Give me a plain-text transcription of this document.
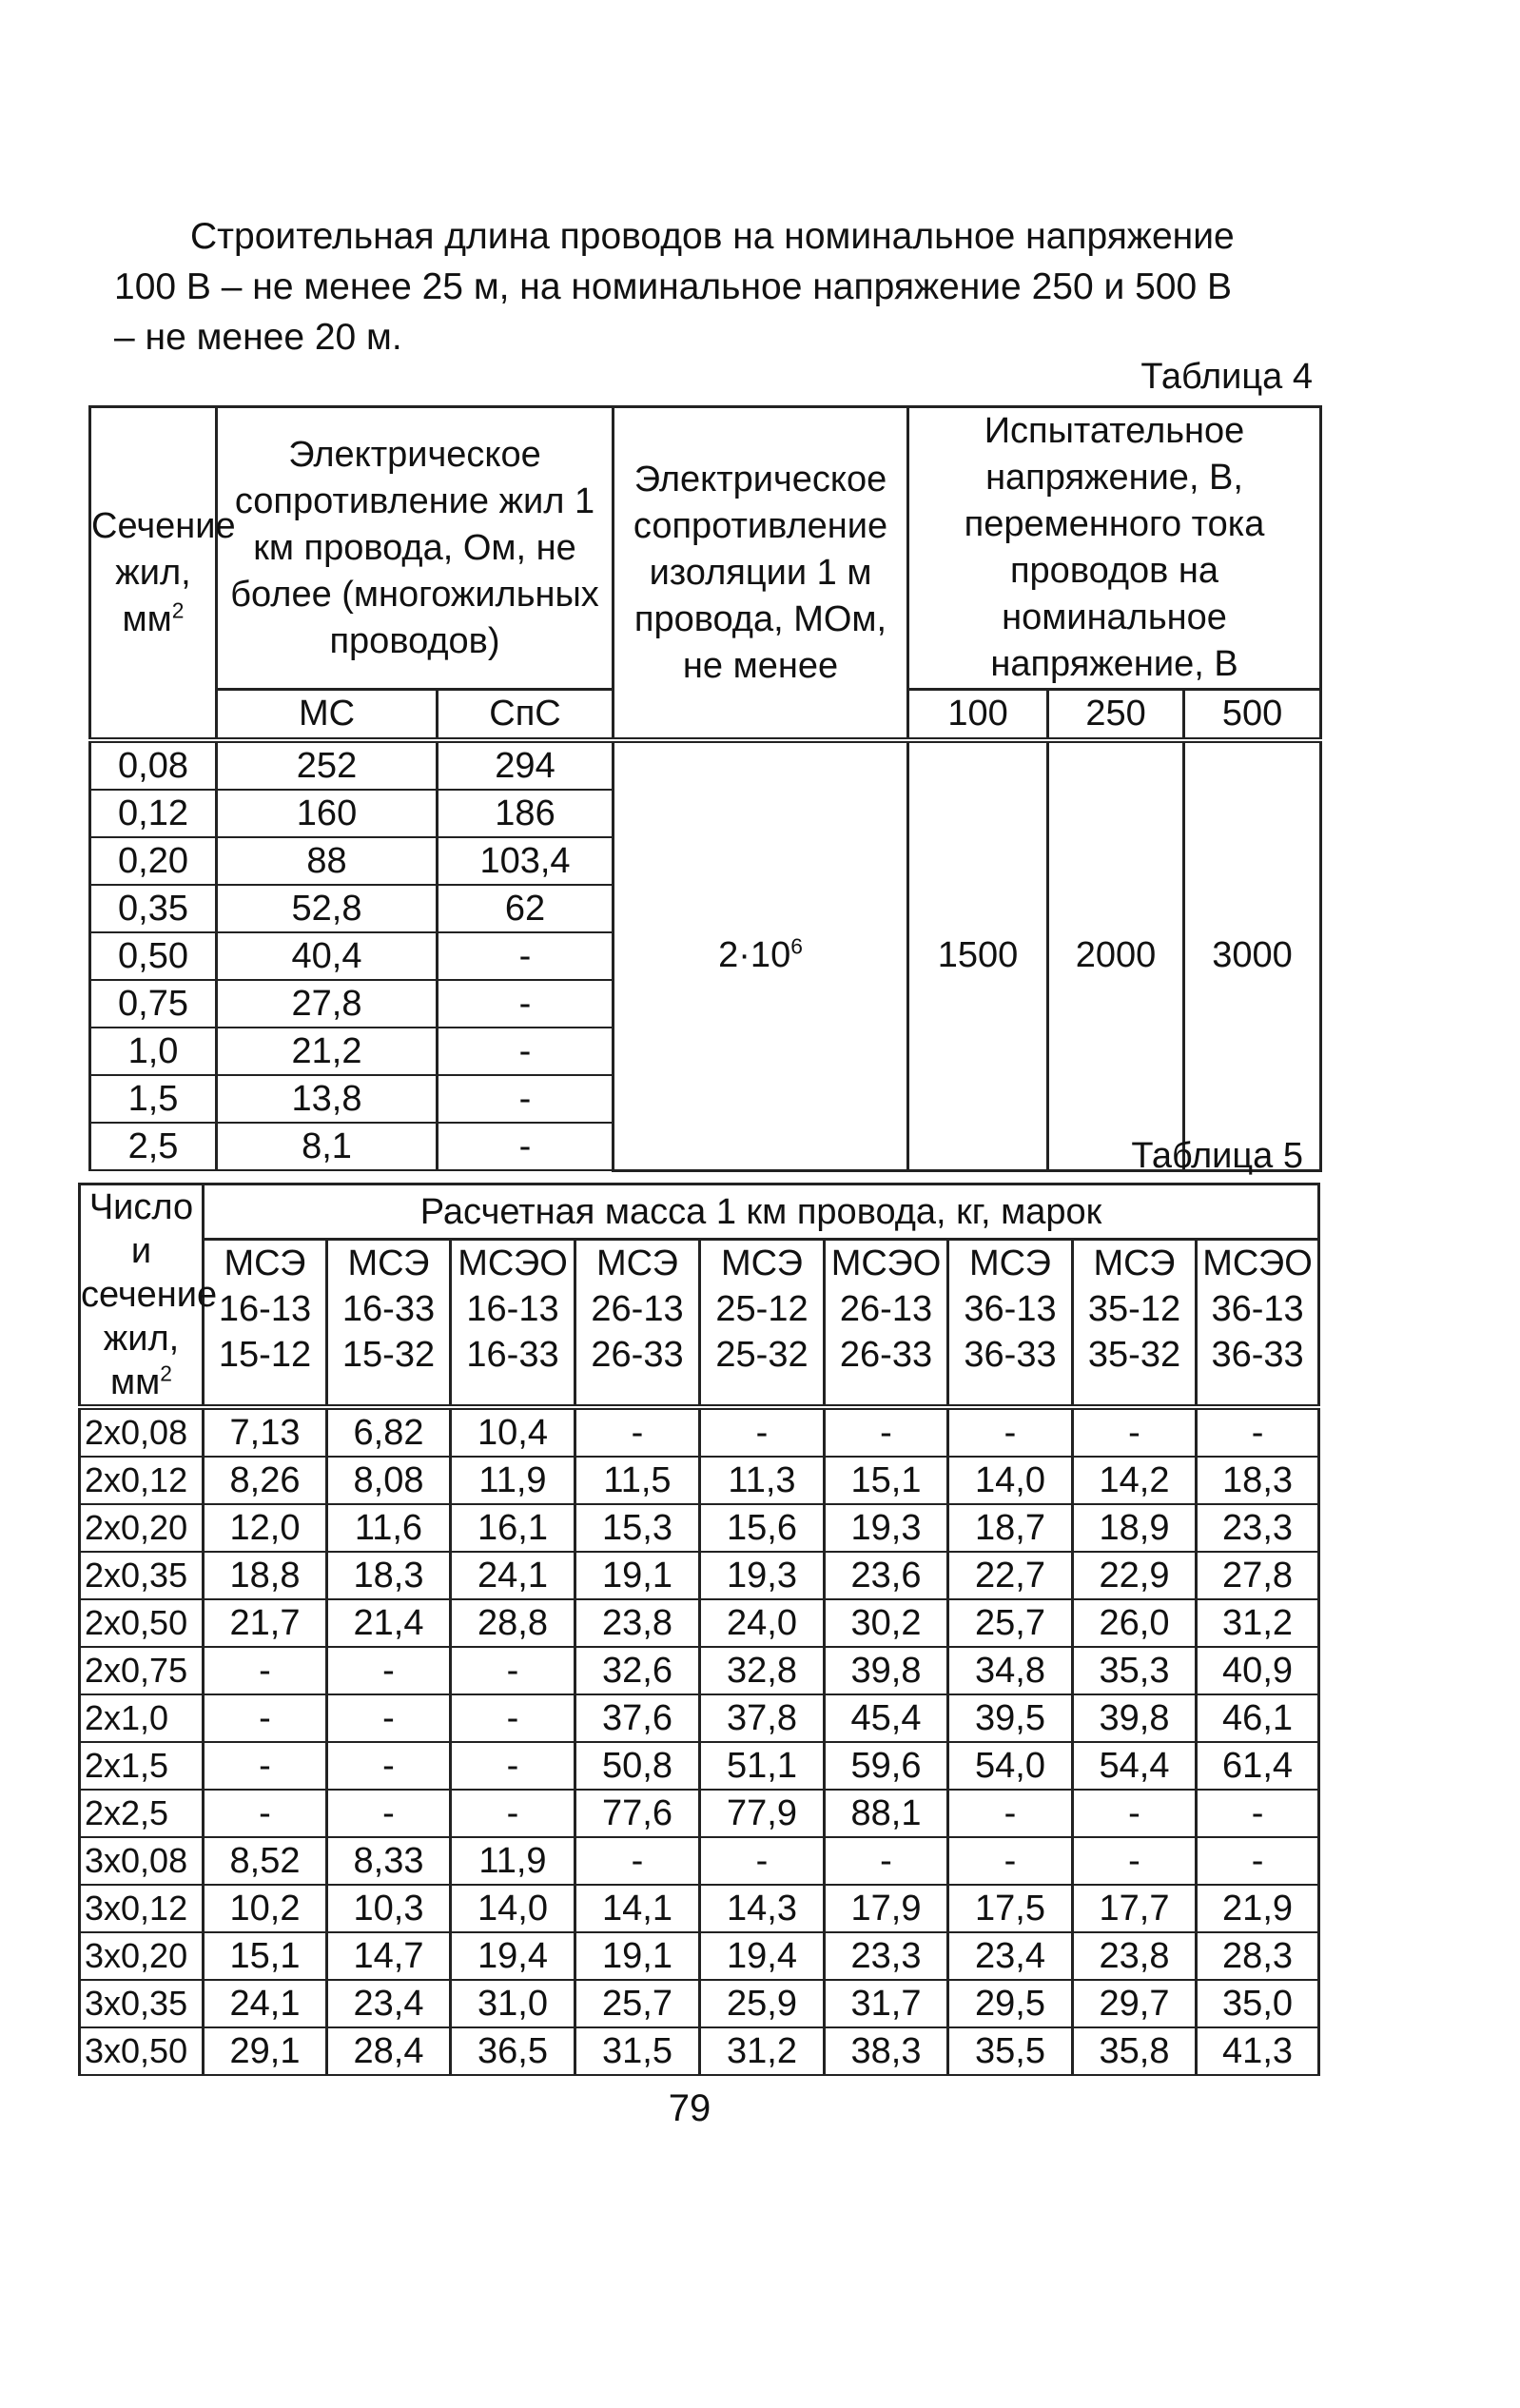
Строительная длина проводов на номинальное напряжение
100 В – не менее 25 м, на номинальное напряжение 250 и 500 В
– не менее 20 м.
Таблица 4
Сечение жил, $мм^2$	Электрическое сопротивление жил 1 км провода, Ом, не более (многожильных проводов)		Электрическое сопротивление изоляции 1 м провода, МОм, не менее	Испытательное напряжение, В, переменного тока проводов на номинальное напряжение, В		
	МС	СпС		100	250	500
0,08	252	294	$2\cdot 10^6$	1500	2000	3000
0,12	160	186				
0,20	88	103,4				
0,35	52,8	62				
0,50	40,4	-				
0,75	27,8	-				
1,0	21,2	-				
1,5	13,8	-				
2,5	8,1	-					Таблица 5
Число и сечение жил, $мм^2$	Расчетная масса 1 км провода, кг, марок								
	МСЭ 16-13 15-12	МСЭ 16-33 15-32	МСЭО 16-13 16-33	МСЭ 26-13 26-33	МСЭ 25-12 25-32	МСЭО 26-13 26-33	МСЭ 36-13 36-33	МСЭ 35-12 35-32	МСЭО 36-13 36-33
2х0,08	7,13	6,82	10,4	-	-	-	-	-	-
2х0,12	8,26	8,08	11,9	11,5	11,3	15,1	14,0	14,2	18,3
2х0,20	12,0	11,6	16,1	15,3	15,6	19,3	18,7	18,9	23,3
2х0,35	18,8	18,3	24,1	19,1	19,3	23,6	22,7	22,9	27,8
2х0,50	21,7	21,4	28,8	23,8	24,0	30,2	25,7	26,0	31,2
2х0,75	-	-	-	32,6	32,8	39,8	34,8	35,3	40,9
2х1,0	-	-	-	37,6	37,8	45,4	39,5	39,8	46,1
2х1,5	-	-	-	50,8	51,1	59,6	54,0	54,4	61,4
2х2,5	-	-	-	77,6	77,9	88,1	-	-	-
3х0,08	8,52	8,33	11,9	-	-	-	-	-	-
3х0,12	10,2	10,3	14,0	14,1	14,3	17,9	17,5	17,7	21,9
3х0,20	15,1	14,7	19,4	19,1	19,4	23,3	23,4	23,8	28,3
3х0,35	24,1	23,4	31,0	25,7	25,9	31,7	29,5	29,7	35,0
3х0,50	29,1	28,4	36,5	31,5	31,2	38,3	35,5	35,8	41,3
79
